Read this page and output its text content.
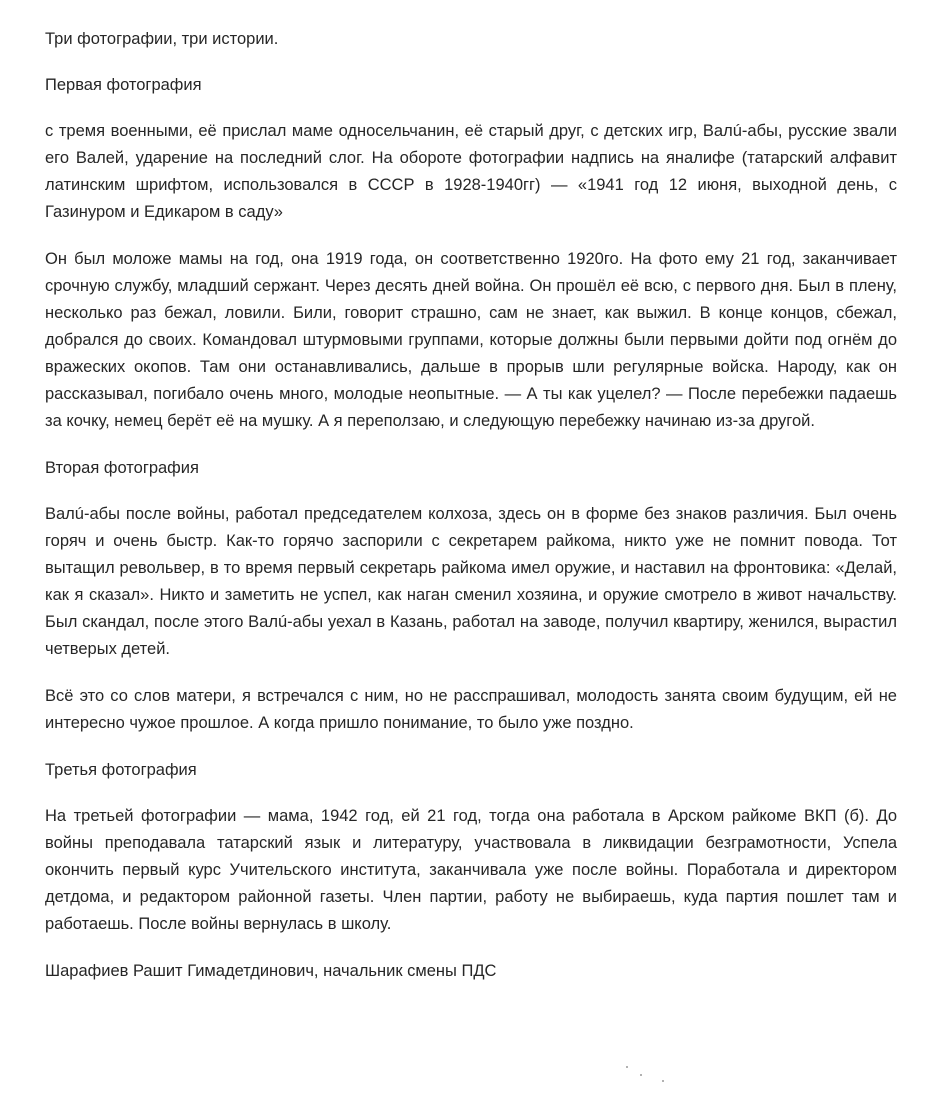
Три фотографии, три истории.

Первая фотография

с тремя военными, её прислал маме односельчанин, её старый друг, с детских игр, Валú-абы, русские звали его Валей, ударение на последний слог. На обороте фотографии надпись на яналифе (татарский алфавит латинским шрифтом, использовался в СССР в 1928-1940гг) — «1941 год 12 июня, выходной день, с Газинуром и Едикаром в саду»

Он был моложе мамы на год, она 1919 года, он соответственно 1920го. На фото ему 21 год, заканчивает срочную службу, младший сержант. Через десять дней война. Он прошёл её всю, с первого дня. Был в плену, несколько раз бежал, ловили. Били, говорит страшно, сам не знает, как выжил. В конце концов, сбежал, добрался до своих. Командовал штурмовыми группами, которые должны были первыми дойти под огнём до вражеских окопов. Там они останавливались, дальше в прорыв шли регулярные войска. Народу, как он рассказывал, погибало очень много, молодые неопытные. — А ты как уцелел? — После перебежки падаешь за кочку, немец берёт её на мушку. А я переползаю, и следующую перебежку начинаю из-за другой.

Вторая фотография

Валú-абы после войны, работал председателем колхоза, здесь он в форме без знаков различия. Был очень горяч и очень быстр. Как-то горячо заспорили с секретарем райкома, никто уже не помнит повода. Тот вытащил револьвер, в то время первый секретарь райкома имел оружие, и наставил на фронтовика: «Делай, как я сказал». Никто и заметить не успел, как наган сменил хозяина, и оружие смотрело в живот начальству. Был скандал, после этого Валú-абы уехал в Казань, работал на заводе, получил квартиру, женился, вырастил четверых детей.

Всё это со слов матери, я встречался с ним, но не расспрашивал, молодость занята своим будущим, ей не интересно чужое прошлое. А когда пришло понимание, то было уже поздно.

Третья фотография

На третьей фотографии — мама, 1942 год, ей 21 год, тогда она работала в Арском райкоме ВКП (б). До войны преподавала татарский язык и литературу, участвовала в ликвидации безграмотности, Успела окончить первый курс Учительского института, заканчивала уже после войны. Поработала и директором детдома, и редактором районной газеты. Член партии, работу не выбираешь, куда партия пошлет там и работаешь. После войны вернулась в школу.

Шарафиев Рашит Гимадетдинович, начальник смены ПДС
